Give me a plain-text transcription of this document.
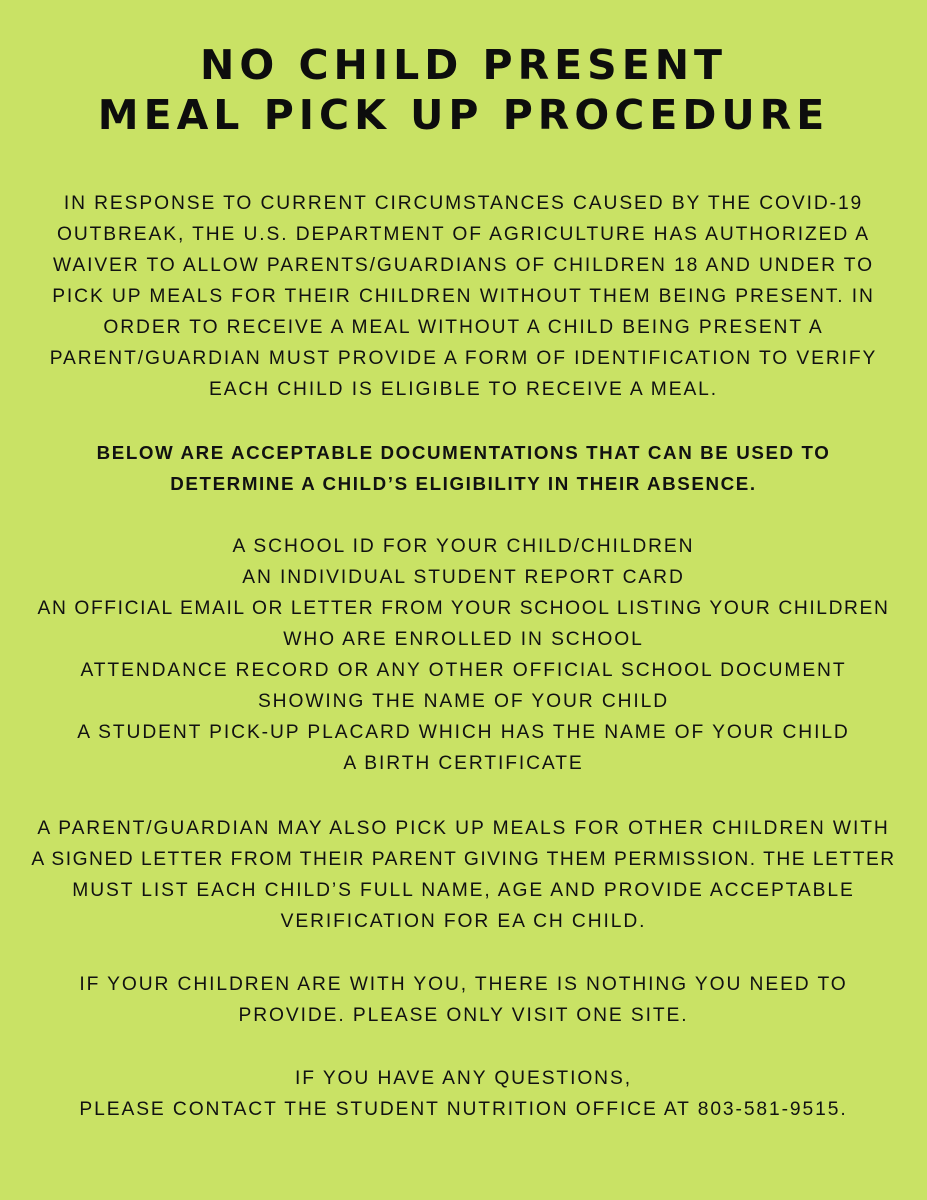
NO CHILD PRESENT
MEAL PICK UP PROCEDURE
IN RESPONSE TO CURRENT CIRCUMSTANCES CAUSED BY THE COVID-19
OUTBREAK, THE U.S. DEPARTMENT OF AGRICULTURE HAS AUTHORIZED A
WAIVER TO ALLOW PARENTS/GUARDIANS OF CHILDREN 18 AND UNDER TO
PICK UP MEALS FOR THEIR CHILDREN WITHOUT THEM BEING PRESENT. IN
ORDER TO RECEIVE A MEAL WITHOUT A CHILD BEING PRESENT A
PARENT/GUARDIAN MUST PROVIDE A FORM OF IDENTIFICATION TO VERIFY
EACH CHILD IS ELIGIBLE TO RECEIVE A MEAL.
BELOW ARE ACCEPTABLE DOCUMENTATIONS THAT CAN BE USED TO
DETERMINE A CHILD’S ELIGIBILITY IN THEIR ABSENCE.
A SCHOOL ID FOR YOUR CHILD/CHILDREN
AN INDIVIDUAL STUDENT REPORT CARD
AN OFFICIAL EMAIL OR LETTER FROM YOUR SCHOOL LISTING YOUR CHILDREN
WHO ARE ENROLLED IN SCHOOL
ATTENDANCE RECORD OR ANY OTHER OFFICIAL SCHOOL DOCUMENT
SHOWING THE NAME OF YOUR CHILD
A STUDENT PICK-UP PLACARD WHICH HAS THE NAME OF YOUR CHILD
A BIRTH CERTIFICATE
A PARENT/GUARDIAN MAY ALSO PICK UP MEALS FOR OTHER CHILDREN WITH
A SIGNED LETTER FROM THEIR PARENT GIVING THEM PERMISSION. THE LETTER
MUST LIST EACH CHILD’S FULL NAME, AGE AND PROVIDE ACCEPTABLE
VERIFICATION FOR EA CH CHILD.
IF YOUR CHILDREN ARE WITH YOU, THERE IS NOTHING YOU NEED TO
PROVIDE. PLEASE ONLY VISIT ONE SITE.
IF YOU HAVE ANY QUESTIONS,
PLEASE CONTACT THE STUDENT NUTRITION OFFICE AT 803-581-9515.
